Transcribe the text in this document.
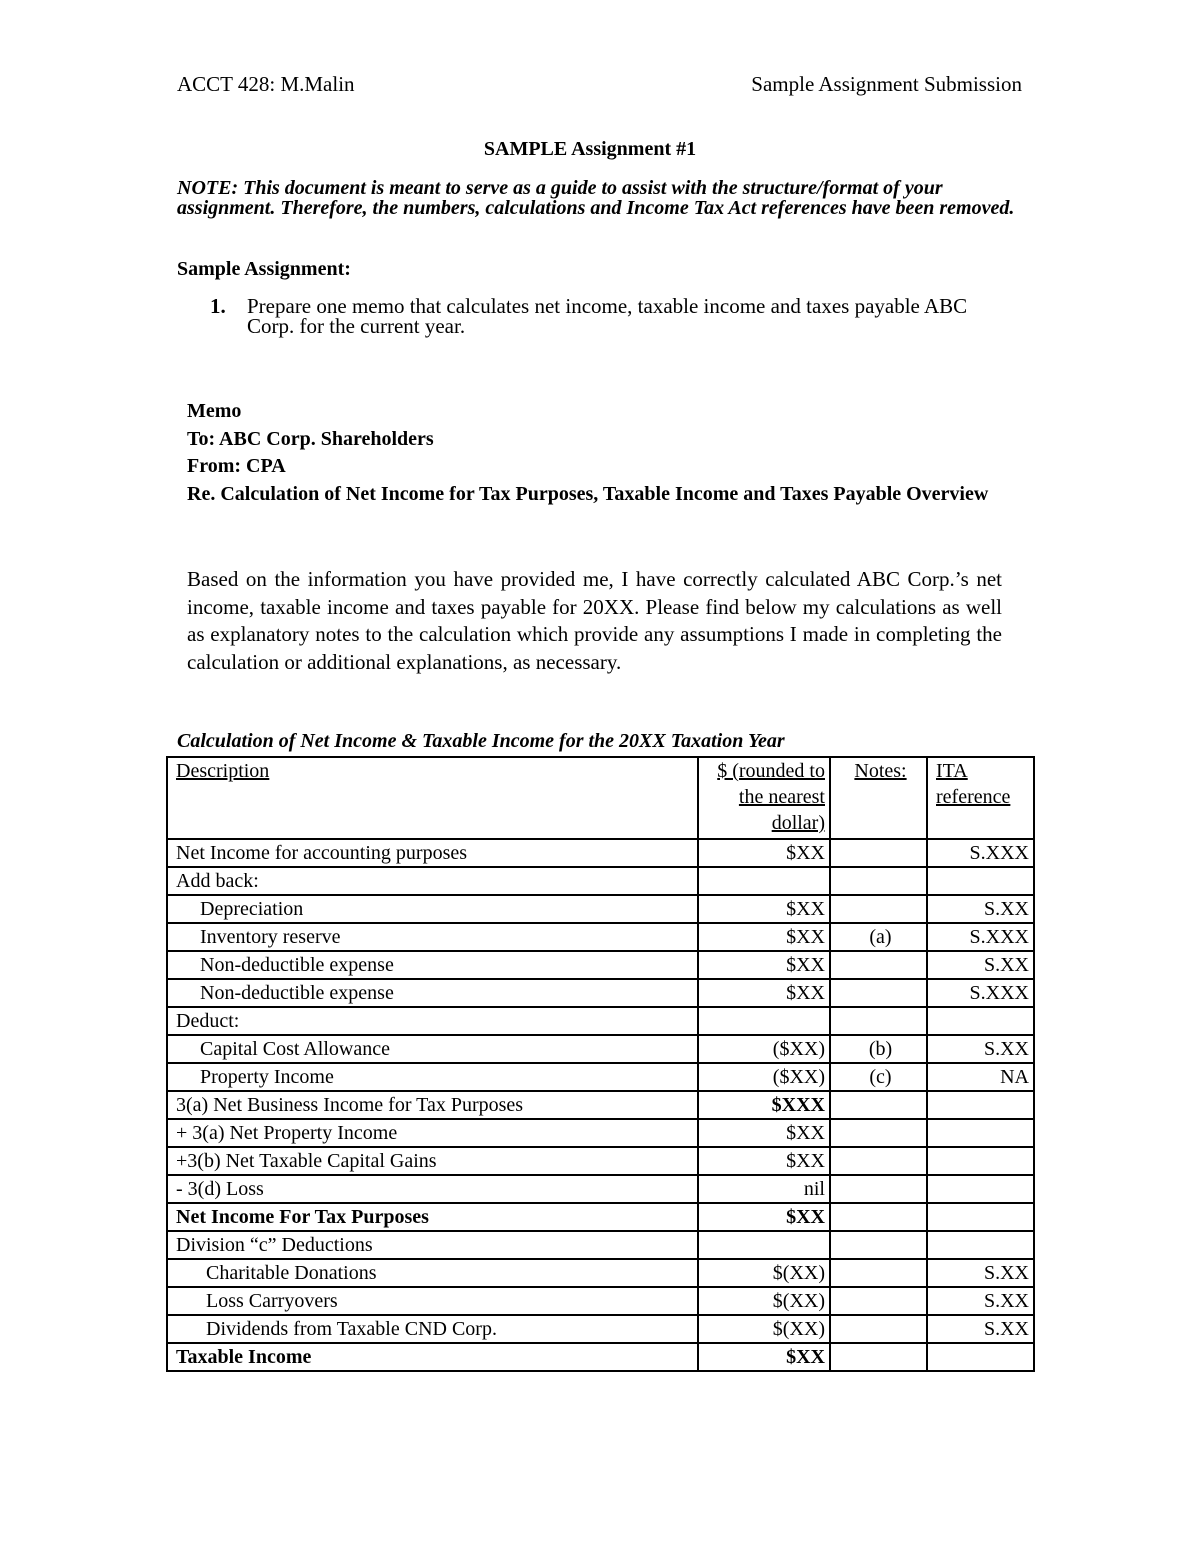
ACCT 428: M.Malin	Sample Assignment Submission
SAMPLE Assignment #1
NOTE: This document is meant to serve as a guide to assist with the structure/format of your assignment. Therefore, the numbers, calculations and Income Tax Act references have been removed.
Sample Assignment:
1. Prepare one memo that calculates net income, taxable income and taxes payable ABC Corp. for the current year.
Memo
To: ABC Corp. Shareholders
From: CPA
Re. Calculation of Net Income for Tax Purposes, Taxable Income and Taxes Payable Overview
Based on the information you have provided me, I have correctly calculated ABC Corp.’s net income, taxable income and taxes payable for 20XX. Please find below my calculations as well as explanatory notes to the calculation which provide any assumptions I made in completing the calculation or additional explanations, as necessary.
Calculation of Net Income & Taxable Income for the 20XX Taxation Year
Description	$ (rounded to the nearest dollar)	Notes:	ITA reference
Net Income for accounting purposes	$XX		S.XXX
Add back:			
Depreciation	$XX		S.XX
Inventory reserve	$XX	(a)	S.XXX
Non-deductible expense	$XX		S.XX
Non-deductible expense	$XX		S.XXX
Deduct:			
Capital Cost Allowance	($XX)	(b)	S.XX
Property Income	($XX)	(c)	NA
3(a) Net Business Income for Tax Purposes	$XXX		
+ 3(a) Net Property Income	$XX		
+3(b) Net Taxable Capital Gains	$XX		
- 3(d) Loss	nil		
Net Income For Tax Purposes	$XX		
Division “c” Deductions			
Charitable Donations	$(XX)		S.XX
Loss Carryovers	$(XX)		S.XX
Dividends from Taxable CND Corp.	$(XX)		S.XX
Taxable Income	$XX		
